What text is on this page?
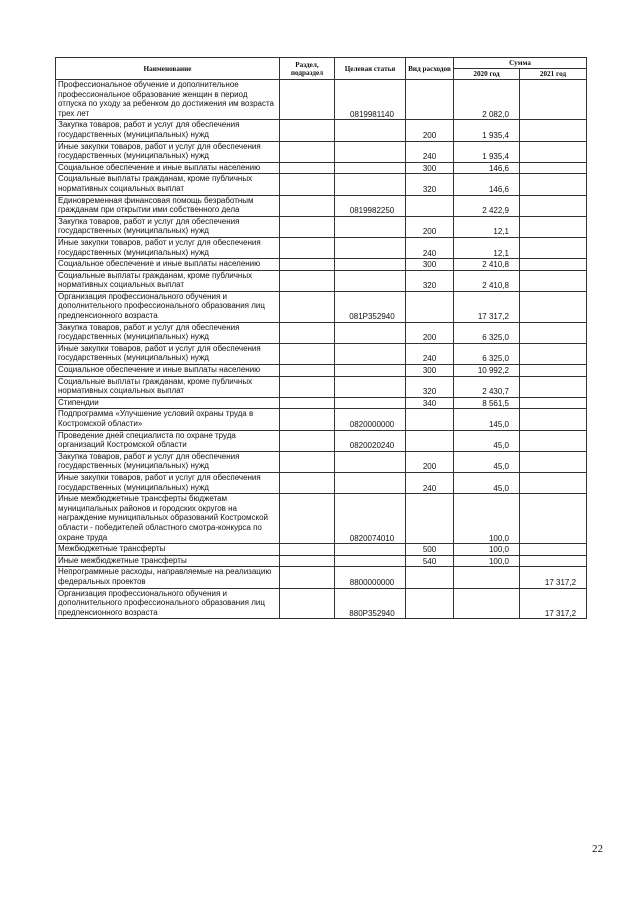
Наименование	Раздел, подраздел	Целевая статья	Вид расходов	Сумма	
				2020 год	2021 год
Профессиональное обучение и дополнительное профессиональное образование женщин в период отпуска по уходу за ребенком до достижения им возраста трех лет		0819981140		2 082,0	
Закупка товаров, работ и услуг для обеспечения государственных (муниципальных) нужд			200	1 935,4	
Иные закупки товаров, работ и услуг для обеспечения государственных (муниципальных) нужд			240	1 935,4	
Социальное обеспечение и иные выплаты населению			300	146,6	
Социальные выплаты гражданам, кроме публичных нормативных социальных выплат			320	146,6	
Единовременная финансовая помощь безработным гражданам при открытии ими собственного дела		0819982250		2 422,9	
Закупка товаров, работ и услуг для обеспечения государственных (муниципальных) нужд			200	12,1	
Иные закупки товаров, работ и услуг для обеспечения государственных (муниципальных) нужд			240	12,1	
Социальное обеспечение и иные выплаты населению			300	2 410,8	
Социальные выплаты гражданам, кроме публичных нормативных социальных выплат			320	2 410,8	
Организация профессионального обучения и дополнительного профессионального образования лиц предпенсионного возраста		081P352940		17 317,2	
Закупка товаров, работ и услуг для обеспечения государственных (муниципальных) нужд			200	6 325,0	
Иные закупки товаров, работ и услуг для обеспечения государственных (муниципальных) нужд			240	6 325,0	
Социальное обеспечение и иные выплаты населению			300	10 992,2	
Социальные выплаты гражданам, кроме публичных нормативных социальных выплат			320	2 430,7	
Стипендии			340	8 561,5	
Подпрограмма «Улучшение условий охраны труда в Костромской области»		0820000000		145,0	
Проведение дней специалиста по охране труда организаций Костромской области		0820020240		45,0	
Закупка товаров, работ и услуг для обеспечения государственных (муниципальных) нужд			200	45,0	
Иные закупки товаров, работ и услуг для обеспечения государственных (муниципальных) нужд			240	45,0	
Иные межбюджетные трансферты бюджетам муниципальных районов и городских округов на награждение муниципальных образований Костромской области - победителей областного смотра-конкурса по охране труда		0820074010		100,0	
Межбюджетные трансферты			500	100,0	
Иные межбюджетные трансферты			540	100,0	
Непрограммные расходы, направляемые на реализацию федеральных проектов		8800000000			17 317,2
Организация профессионального обучения и дополнительного профессионального образования лиц предпенсионного возраста		880P352940			17 317,2
22
